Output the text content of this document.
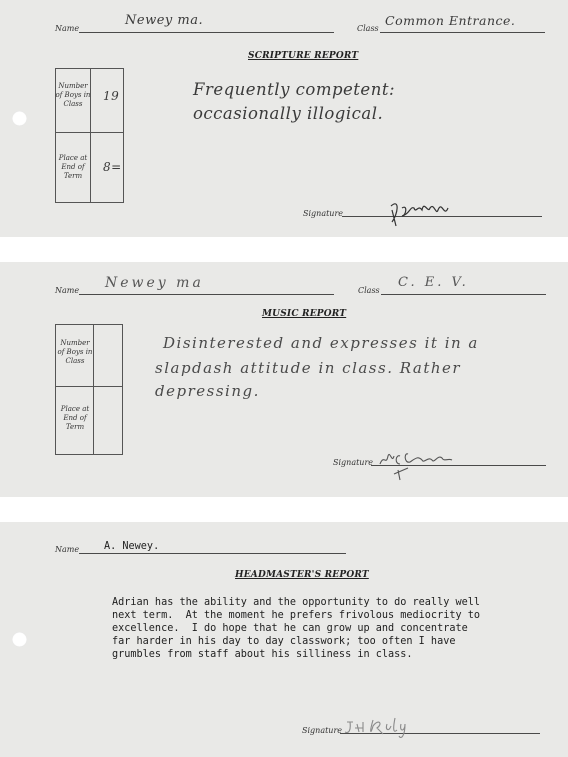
Name
Newey ma.
Class
Common Entrance.
SCRIPTURE REPORT
Number of Boys in Class
19
Place at End of Term
8=
Frequently competent:
occasionally illogical.
Signature
Name Newey ma	Class
C. E. V.
MUSIC REPORT
Number of Boys in Class
Place at End of Term
Disinterested and expresses it in a
slapdash attitude in class. Rather
depressing.
Signature
Name A. Newey.
HEADMASTER'S REPORT
Adrian has the ability and the opportunity to do really well
next term.  At the moment he prefers frivolous mediocrity to
excellence.  I do hope that he can grow up and concentrate
far harder in his day to day classwork; too often I have
grumbles from staff about his silliness in class.
Signature
